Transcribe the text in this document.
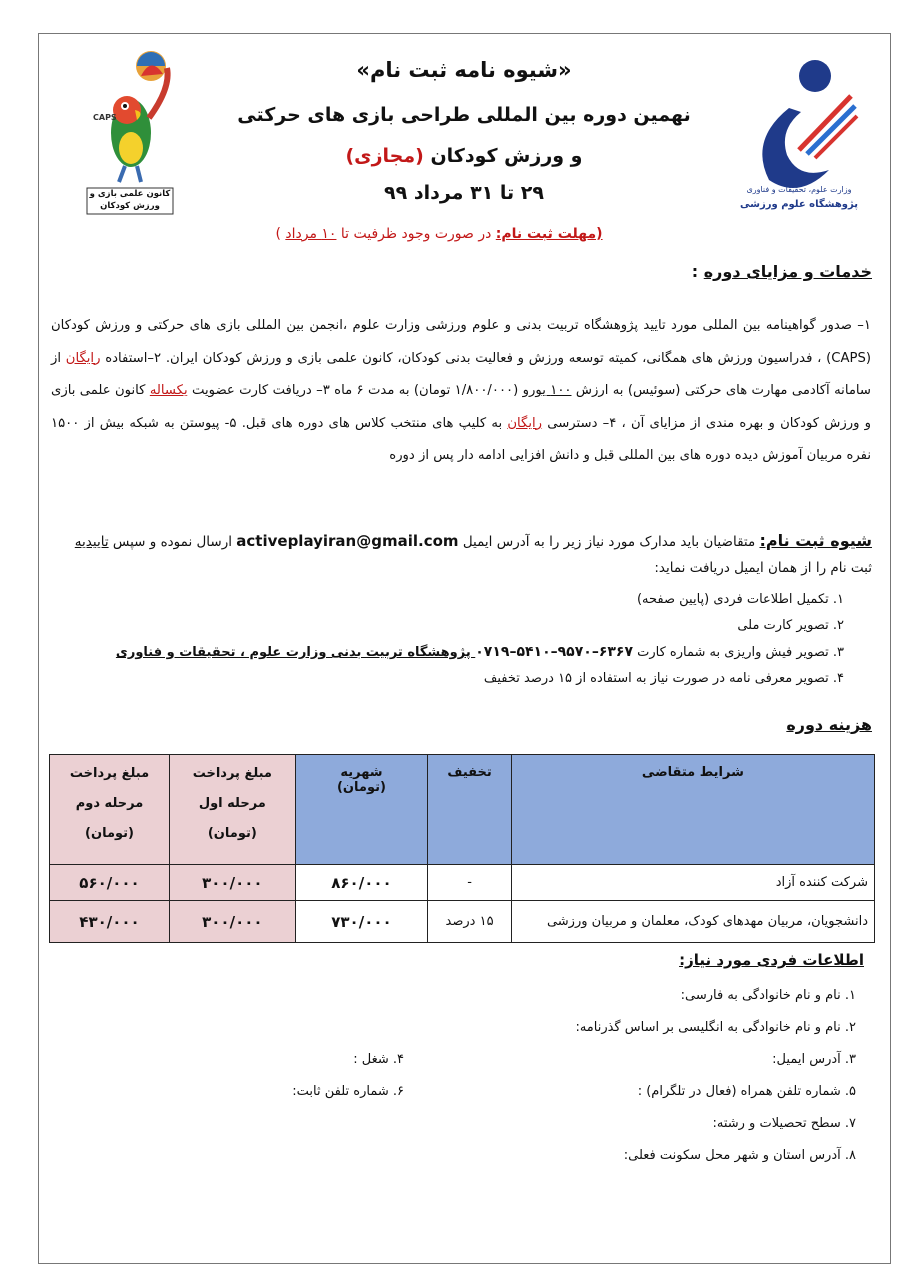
CAPS
کانون علمی بازی و ورزش کودکان
وزارت علوم، تحقیقات و فناوری
پژوهشگاه علوم ورزشی
«شیوه نامه ثبت نام»
نهمین دوره بین المللی طراحی بازی های حرکتی
و ورزش کودکان (مجازی)
۲۹ تا ۳۱ مرداد ۹۹
(مهلت ثبت نام: در صورت وجود ظرفیت تا ۱۰ مرداد )
خدمات و مزایای دوره :
۱– صدور گواهینامه بین المللی مورد تایید پژوهشگاه تربیت بدنی و علوم ورزشی وزارت علوم ،انجمن بین المللی بازی های حرکتی و ورزش کودکان (CAPS) ، فدراسیون ورزش های همگانی، کمیته توسعه ورزش و فعالیت بدنی کودکان، کانون علمی بازی و ورزش کودکان ایران. ۲–استفاده رایگان از سامانه آکادمی مهارت های حرکتی (سوئیس) به ارزش ۱۰۰ یورو (۱/۸۰۰/۰۰۰ تومان) به مدت ۶ ماه ۳– دریافت کارت عضویت یکساله کانون علمی بازی و ورزش کودکان و بهره مندی از مزایای آن ، ۴– دسترسی رایگان به کلیپ های منتخب کلاس های دوره های قبل. ۵- پیوستن به شبکه بیش از ۱۵۰۰ نفره مربیان آموزش دیده دوره های بین المللی قبل و دانش افزایی ادامه دار پس از دوره
شیوه ثبت نام: متقاضیان باید مدارک مورد نیاز زیر را به آدرس ایمیل activeplayiran@gmail.com ارسال نموده و سپس تاییدیه ثبت نام را از همان ایمیل دریافت نماید:
۱. تکمیل اطلاعات فردی (پایین صفحه)
۲. تصویر کارت ملی
۳. تصویر فیش واریزی به شماره کارت ۶۳۶۷–۹۵۷۰–۵۴۱۰–۰۷۱۹ پژوهشگاه تربیت بدنی وزارت علوم ، تحقیقات و فناوری
۴. تصویر معرفی نامه در صورت نیاز به استفاده از ۱۵ درصد تخفیف
هزینه دوره
شرایط متقاضی	تخفیف	شهریه (تومان)	مبلغ پرداخت مرحله اول (تومان)	مبلغ پرداخت مرحله دوم (تومان)
شرکت کننده آزاد	-	۸۶۰/۰۰۰	۳۰۰/۰۰۰	۵۶۰/۰۰۰
دانشجویان، مربیان مهدهای کودک، معلمان و مربیان ورزشی	۱۵ درصد	۷۳۰/۰۰۰	۳۰۰/۰۰۰	۴۳۰/۰۰۰
اطلاعات فردی مورد نیاز:
۱. نام و نام خانوادگی به فارسی:
۲. نام و نام خانوادگی به انگلیسی بر اساس گذرنامه:
۳. آدرس ایمیل:
۴. شغل :
۵. شماره تلفن همراه (فعال در تلگرام) :
۶. شماره تلفن ثابت:
۷. سطح تحصیلات و رشته:
۸. آدرس استان و شهر محل سکونت فعلی:
